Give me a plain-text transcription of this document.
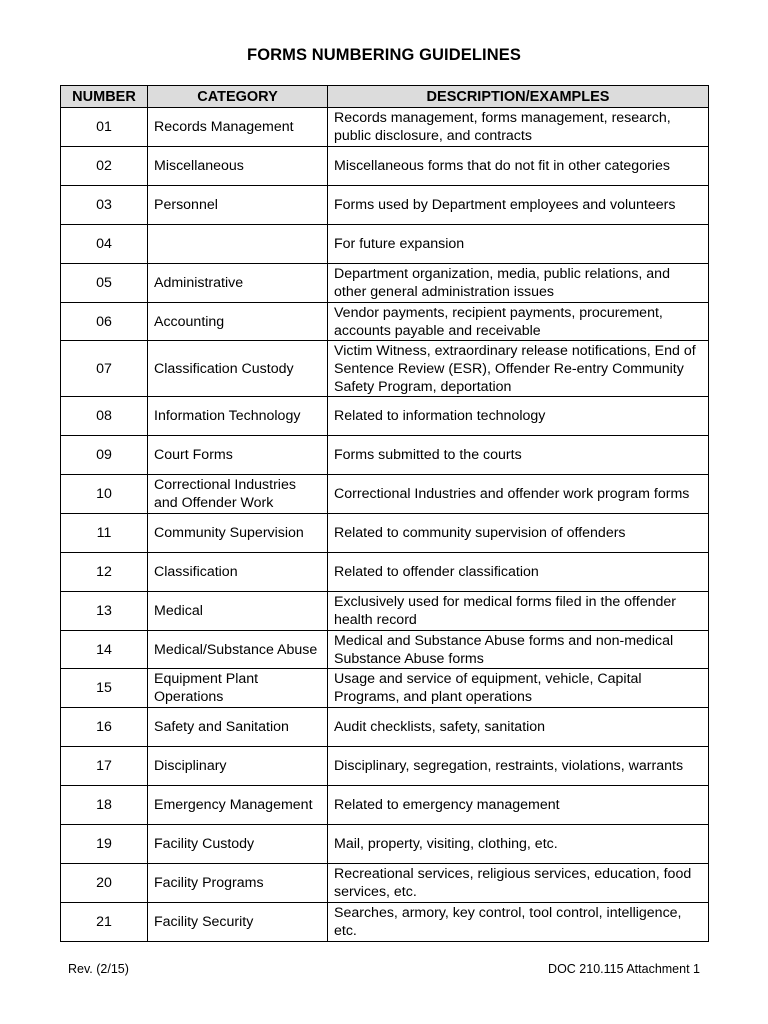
FORMS NUMBERING GUIDELINES
NUMBER	CATEGORY	DESCRIPTION/EXAMPLES
01	Records Management	Records management, forms management, research, public disclosure, and contracts
02	Miscellaneous	Miscellaneous forms that do not fit in other categories
03	Personnel	Forms used by Department employees and volunteers
04		For future expansion
05	Administrative	Department organization, media, public relations, and other general administration issues
06	Accounting	Vendor payments, recipient payments, procurement, accounts payable and receivable
07	Classification Custody	Victim Witness, extraordinary release notifications, End of Sentence Review (ESR), Offender Re-entry Community Safety Program, deportation
08	Information Technology	Related to information technology
09	Court Forms	Forms submitted to the courts
10	Correctional Industries and Offender Work	Correctional Industries and offender work program forms
11	Community Supervision	Related to community supervision of offenders
12	Classification	Related to offender classification
13	Medical	Exclusively used for medical forms filed in the offender health record
14	Medical/Substance Abuse	Medical and Substance Abuse forms and non-medical Substance Abuse forms
15	Equipment Plant Operations	Usage and service of equipment, vehicle, Capital Programs, and plant operations
16	Safety and Sanitation	Audit checklists, safety, sanitation
17	Disciplinary	Disciplinary, segregation, restraints, violations, warrants
18	Emergency Management	Related to emergency management
19	Facility Custody	Mail, property, visiting, clothing, etc.
20	Facility Programs	Recreational services, religious services, education, food services, etc.
21	Facility Security	Searches, armory, key control, tool control, intelligence, etc.
Rev. (2/15)	DOC 210.115 Attachment 1
